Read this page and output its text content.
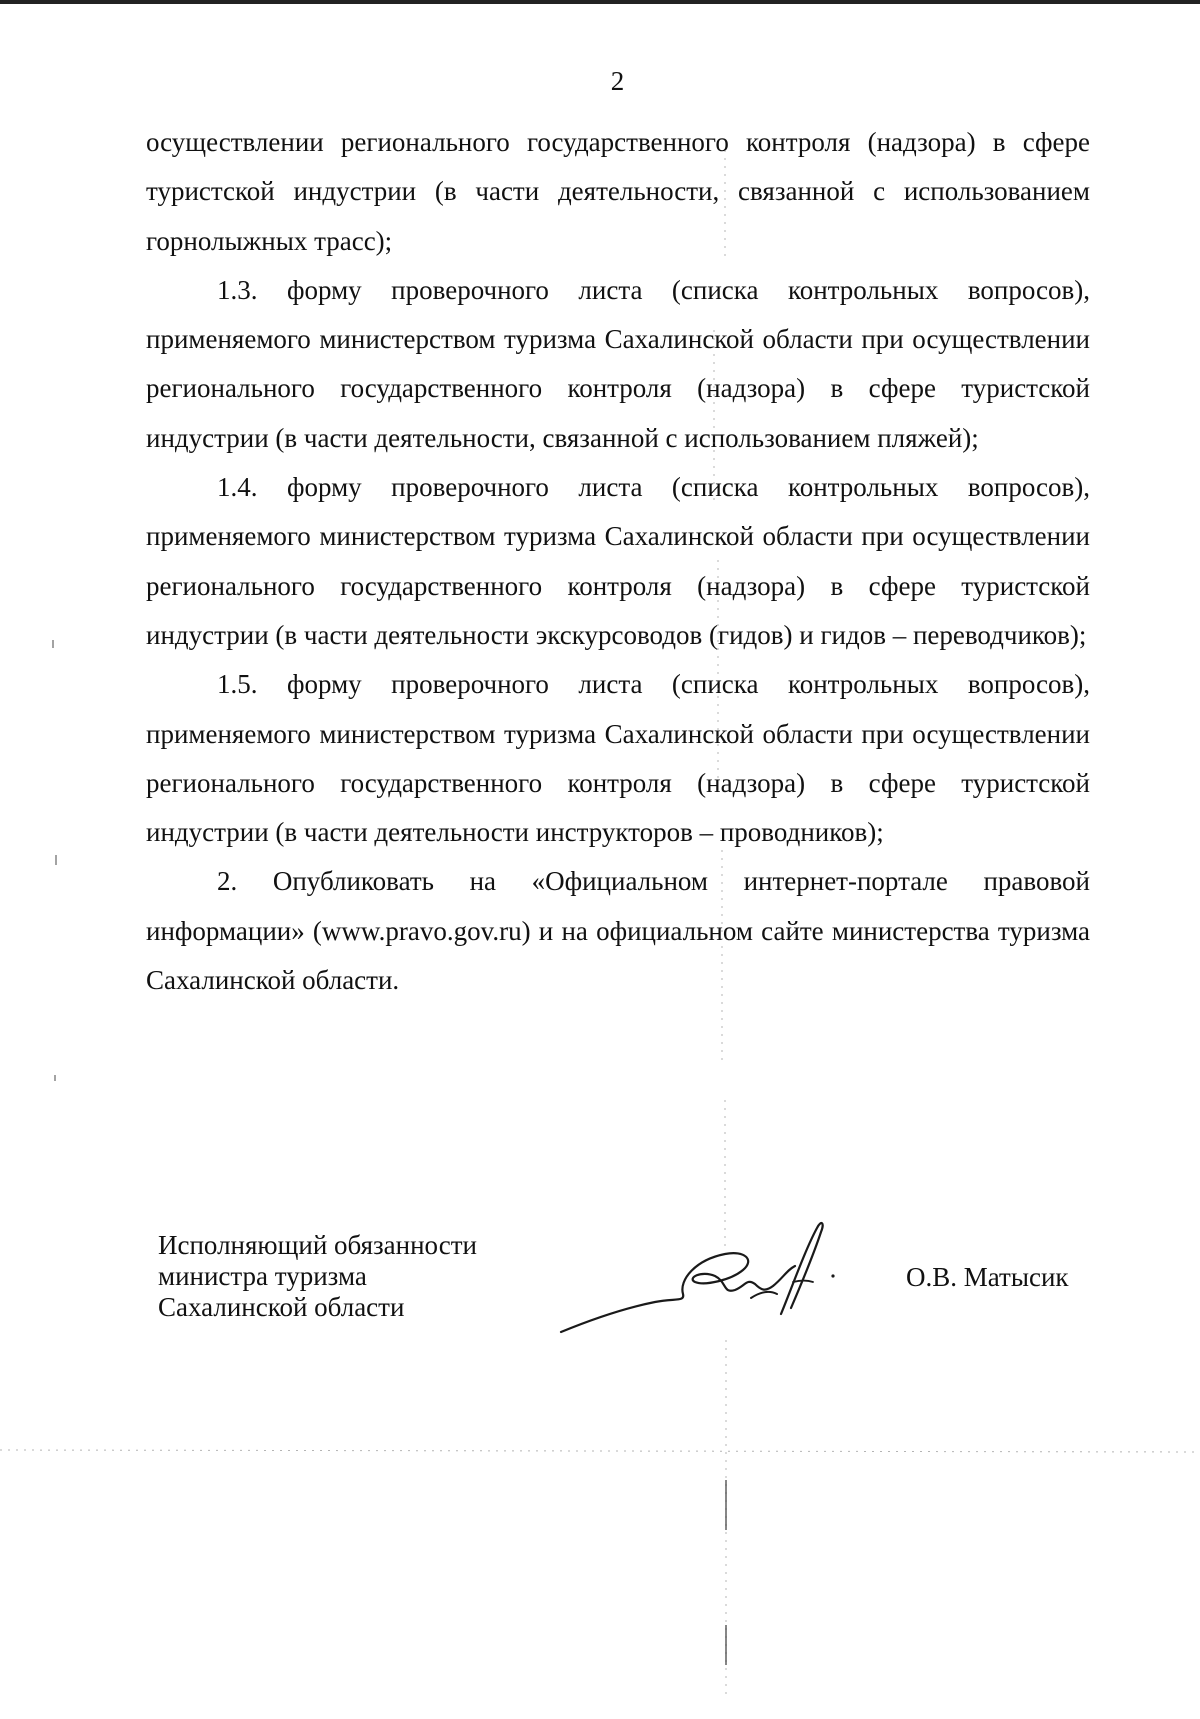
2

осуществлении регионального государственного контроля (надзора) в сфере туристской индустрии (в части деятельности, связанной с использованием горнолыжных трасс);

1.3. форму проверочного листа (списка контрольных вопросов), применяемого министерством туризма Сахалинской области при осуществлении регионального государственного контроля (надзора) в сфере туристской индустрии (в части деятельности, связанной с использованием пляжей);

1.4. форму проверочного листа (списка контрольных вопросов), применяемого министерством туризма Сахалинской области при осуществлении регионального государственного контроля (надзора) в сфере туристской индустрии (в части деятельности экскурсоводов (гидов) и гидов – переводчиков);

1.5. форму проверочного листа (списка контрольных вопросов), применяемого министерством туризма Сахалинской области при осуществлении регионального государственного контроля (надзора) в сфере туристской индустрии (в части деятельности инструкторов – проводников);

2. Опубликовать на «Официальном интернет-портале правовой информации» (www.pravo.gov.ru) и на официальном сайте министерства туризма Сахалинской области.

Исполняющий обязанности
министра туризма
Сахалинской области
О.В. Матысик
